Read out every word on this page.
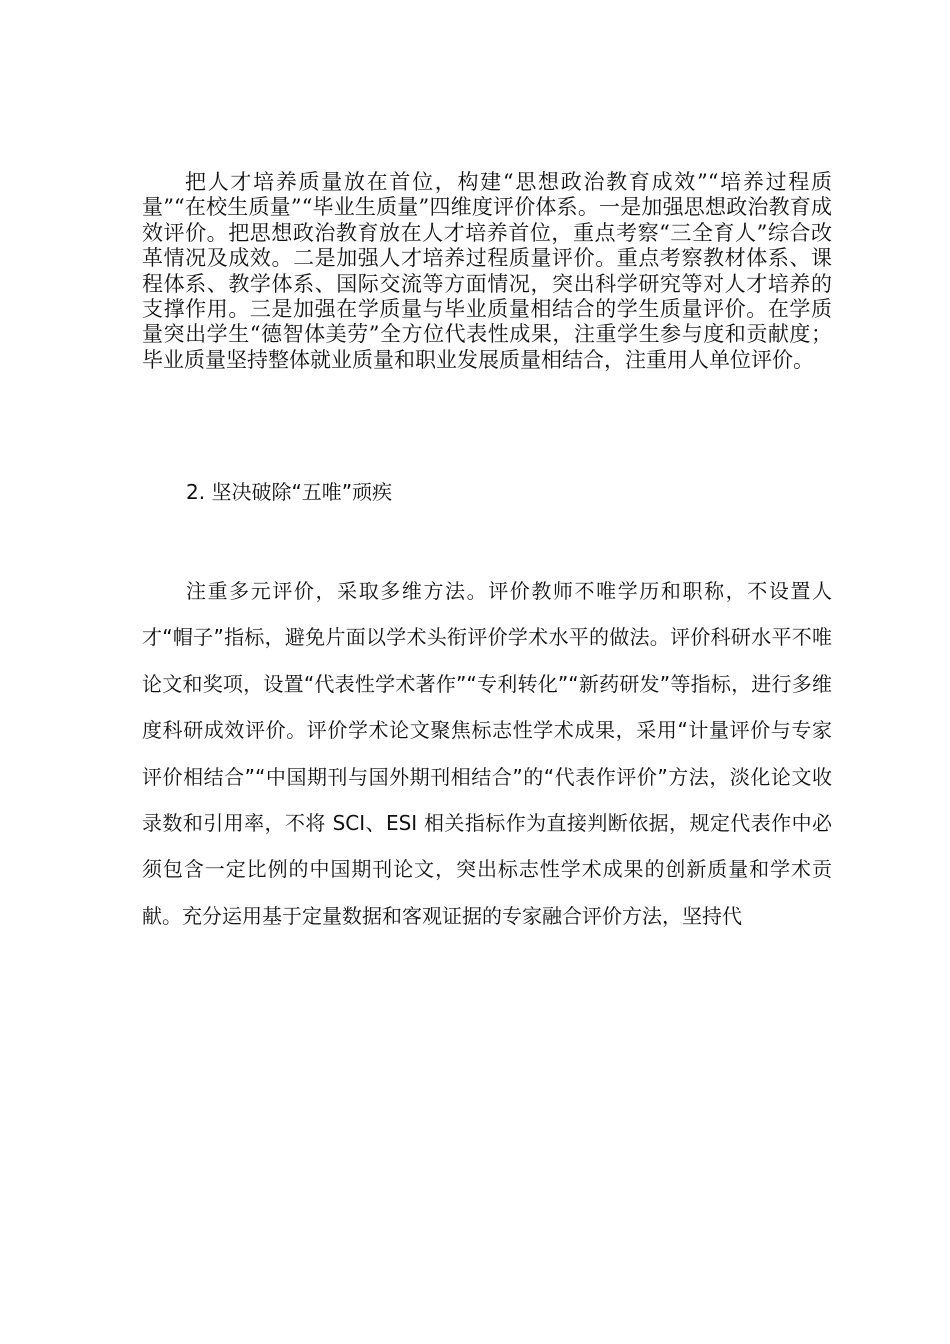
把人才培养质量放在首位，构建“思想政治教育成效”“培养过程质量”“在校生质量”“毕业生质量”四维度评价体系。一是加强思想政治教育成效评价。把思想政治教育放在人才培养首位，重点考察“三全育人”综合改革情况及成效。二是加强人才培养过程质量评价。重点考察教材体系、课程体系、教学体系、国际交流等方面情况，突出科学研究等对人才培养的支撑作用。三是加强在学质量与毕业质量相结合的学生质量评价。在学质量突出学生“德智体美劳”全方位代表性成果，注重学生参与度和贡献度；毕业质量坚持整体就业质量和职业发展质量相结合，注重用人单位评价。

2. 坚决破除“五唯”顽疾

注重多元评价，采取多维方法。评价教师不唯学历和职称，不设置人才“帽子”指标，避免片面以学术头衔评价学术水平的做法。评价科研水平不唯论文和奖项，设置“代表性学术著作”“专利转化”“新药研发”等指标，进行多维度科研成效评价。评价学术论文聚焦标志性学术成果，采用“计量评价与专家评价相结合”“中国期刊与国外期刊相结合”的“代表作评价”方法，淡化论文收录数和引用率，不将 SCI、ESI 相关指标作为直接判断依据，规定代表作中必须包含一定比例的中国期刊论文，突出标志性学术成果的创新质量和学术贡献。充分运用基于定量数据和客观证据的专家融合评价方法，坚持代
